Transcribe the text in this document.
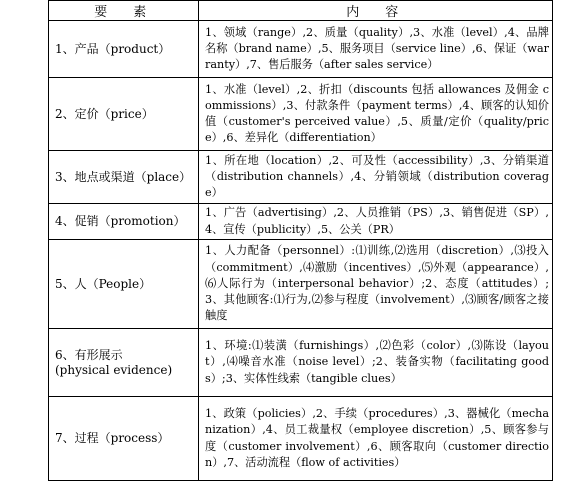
要　素	内　容
1、产品（product）	1、领域（range）,2、质量（quality）,3、水准（level）,4、品牌名称（brand name）,5、服务项目（service line）,6、保证（warranty）,7、售后服务（after sales service）
2、定价（price）	1、水准（level）,2、折扣（discounts 包括 allowances 及佣金 commissions）,3、付款条件（payment terms）,4、顾客的认知价值（customer's perceived value）,5、质量/定价（quality/price）,6、差异化（differentiation）
3、地点或渠道（place）	1、所在地（location）,2、可及性（accessibility）,3、分销渠道（distribution channels）,4、分销领域（distribution coverage）
4、促销（promotion）	1、广告（advertising）,2、人员推销（PS）,3、销售促进（SP）,4、宣传（publicity）,5、公关（PR）
5、人（People）	1、人力配备（personnel）:⑴训练,⑵选用（discretion）,⑶投入（commitment）,⑷激励（incentives）,⑸外观（appearance）,⑹人际行为（interpersonal behavior）;2、态度（attitudes）;3、其他顾客:⑴行为,⑵参与程度（involvement）,⑶顾客/顾客之接触度

6、有形展示
(physical evidence)	1、环境:⑴装潢（furnishings）,⑵色彩（color）,⑶陈设（layout）,⑷噪音水准（noise level）;2、装备实物（facilitating goods）;3、实体性线索（tangible clues）
7、过程（process）	1、政策（policies）,2、手续（procedures）,3、器械化（mechanization）,4、员工裁量权（employee discretion）,5、顾客参与度（customer involvement）,6、顾客取向（customer direction）,7、活动流程（flow of activities）
